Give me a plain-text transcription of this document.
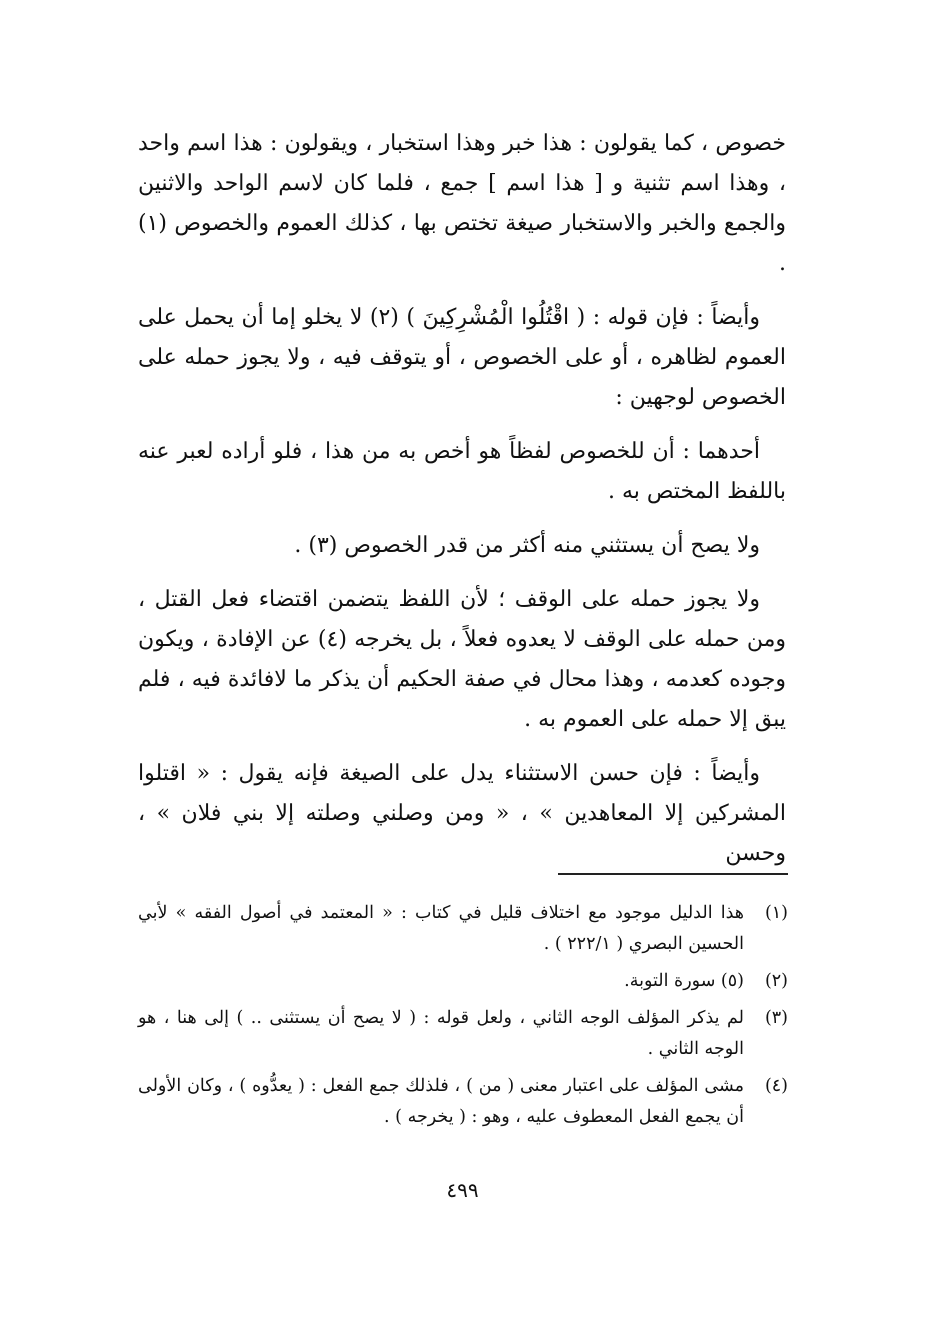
خصوص ، كما يقولون : هذا خبر وهذا استخبار ، ويقولون : هذا اسم واحد ، وهذا اسم تثنية و [ هذا اسم ] جمع ، فلما كان لاسم الواحد والاثنين والجمع والخبر والاستخبار صيغة تختص بها ، كذلك العموم والخصوص (١) .

وأيضاً : فإن قوله : ( اقْتُلُوا الْمُشْرِكِينَ ) (٢) لا يخلو إما أن يحمل على العموم لظاهره ، أو على الخصوص ، أو يتوقف فيه ، ولا يجوز حمله على الخصوص لوجهين :

أحدهما : أن للخصوص لفظاً هو أخص به من هذا ، فلو أراده لعبر عنه باللفظ المختص به .

ولا يصح أن يستثني منه أكثر من قدر الخصوص (٣) .

ولا يجوز حمله على الوقف ؛ لأن اللفظ يتضمن اقتضاء فعل القتل ، ومن حمله على الوقف لا يعدوه فعلاً ، بل يخرجه (٤) عن الإفادة ، ويكون وجوده كعدمه ، وهذا محال في صفة الحكيم أن يذكر ما لافائدة فيه ، فلم يبق إلا حمله على العموم به .

وأيضاً : فإن حسن الاستثناء يدل على الصيغة فإنه يقول : « اقتلوا المشركين إلا المعاهدين » ، « ومن وصلني وصلته إلا بني فلان » ، وحسن

(١)
هذا الدليل موجود مع اختلاف قليل في كتاب : « المعتمد في أصول الفقه » لأبي الحسين البصري ( ٢٢٢/١ ) .
(٢)
(٥) سورة التوبة.
(٣)
لم يذكر المؤلف الوجه الثاني ، ولعل قوله : ( لا يصح أن يستثنى .. ) إلى هنا ، هو الوجه الثاني .
(٤)
مشى المؤلف على اعتبار معنى ( من ) ، فلذلك جمع الفعل : ( يعدُّوه ) ، وكان الأولى أن يجمع الفعل المعطوف عليه ، وهو : ( يخرجه ) .
٤٩٩
